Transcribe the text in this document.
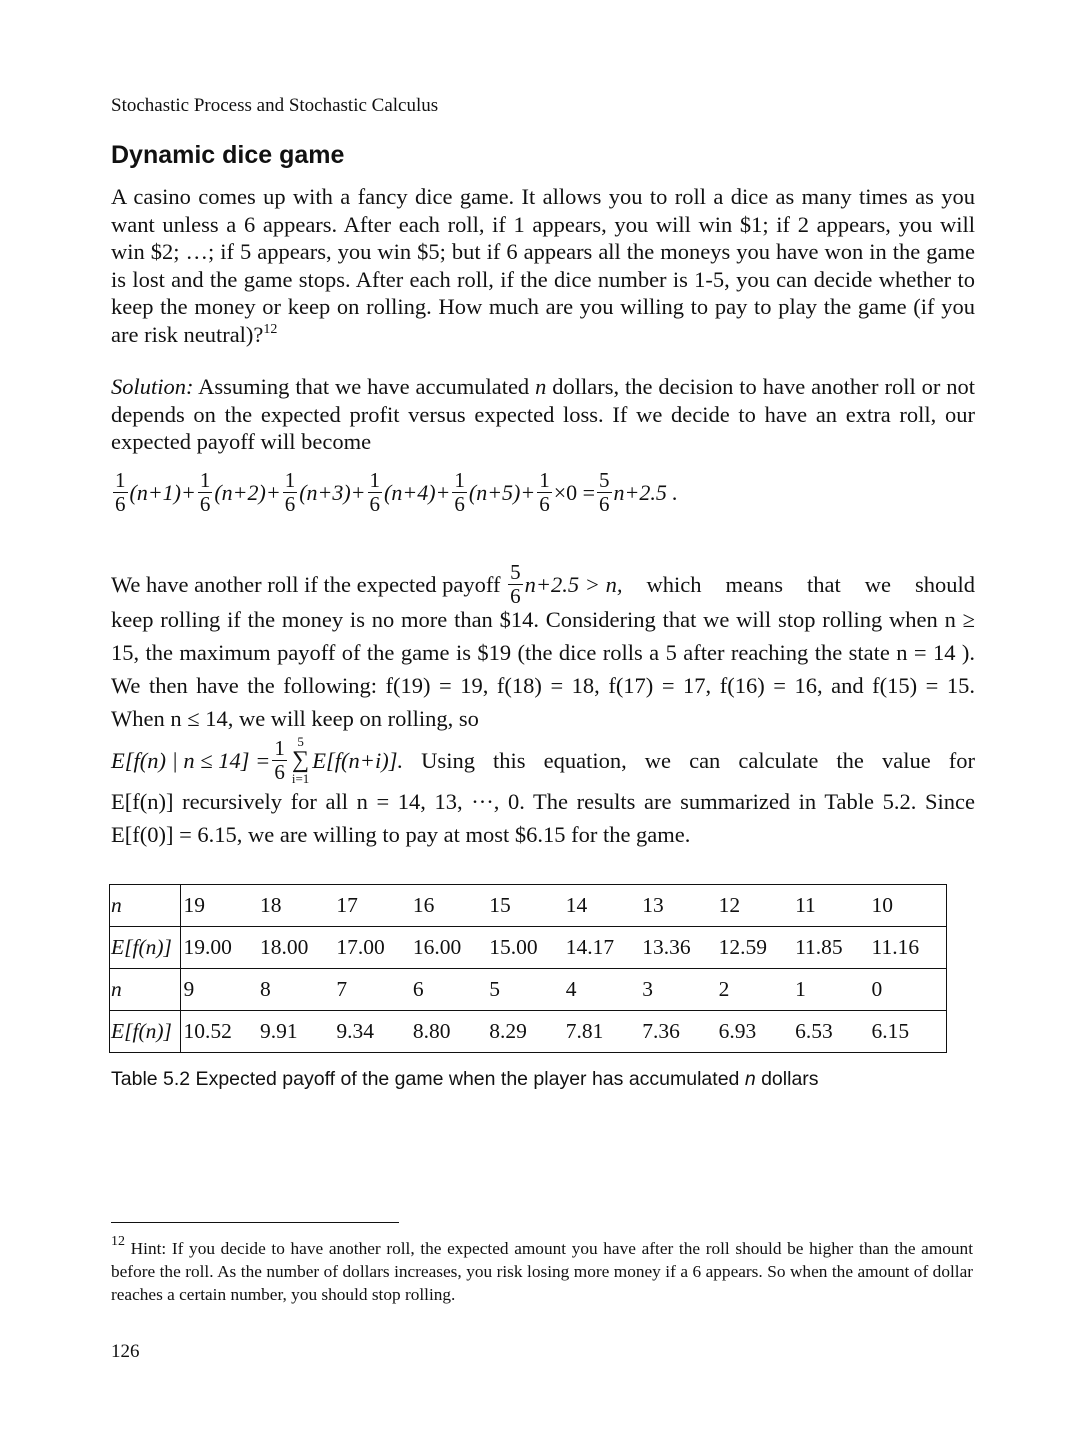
Stochastic Process and Stochastic Calculus
Dynamic dice game

A casino comes up with a fancy dice game. It allows you to roll a dice as many times as you want unless a 6 appears. After each roll, if 1 appears, you will win $1; if 2 appears, you will win $2; …; if 5 appears, you win $5; but if 6 appears all the moneys you have won in the game is lost and the game stops. After each roll, if the dice number is 1-5, you can decide whether to keep the money or keep on rolling. How much are you willing to pay to play the game (if you are risk neutral)?$^{12}$

Solution: Assuming that we have accumulated n dollars, the decision to have another roll or not depends on the expected profit versus expected loss. If we decide to have an extra roll, our expected payoff will become

$\frac{1}{6} (n+1)+ \frac{1}{6} (n+2)+ \frac{1}{6} (n+3)+ \frac{1}{6} (n+4)+ \frac{1}{6} (n+5)+ \frac{1}{6} \times 0 = \frac{5}{6} n+2.5$ .

We have another roll if the expected payoff $\frac{5}{6} n+2.5 > n$, which means that we should

keep rolling if the money is no more than $14. Considering that we will stop rolling when n ≥ 15, the maximum payoff of the game is $19 (the dice rolls a 5 after reaching the state n = 14 ). We then have the following: f(19) = 19, f(18) = 18, f(17) = 17, f(16) = 16, and f(15) = 15. When n ≤ 14, we will keep on rolling, so
E[f(n) | $n \le 14] = \frac{1}{6} 5$
∑
i=1
E[f(n+i)]. Using this equation, we can calculate the value for
E[f(n)] recursively for all n = 14, 13, ···, 0. The results are summarized in Table 5.2. Since E[f(0)] = 6.15, we are willing to pay at most $6.15 for the game.

n	19	18	17	16	15	14	13	12	11	10
E[f(n)]	19.00	18.00	17.00	16.00	15.00	14.17	13.36	12.59	11.85	11.16
n	9	8	7	6	5	4	3	2	1	0
E[f(n)]	10.52	9.91	9.34	8.80	8.29	7.81	7.36	6.93	6.53	6.15
Table 5.2 Expected payoff of the game when the player has accumulated n dollars

$^{12}$ Hint: If you decide to have another roll, the expected amount you have after the roll should be higher than the amount before the roll. As the number of dollars increases, you risk losing more money if a 6 appears. So when the amount of dollar reaches a certain number, you should stop rolling.

126
